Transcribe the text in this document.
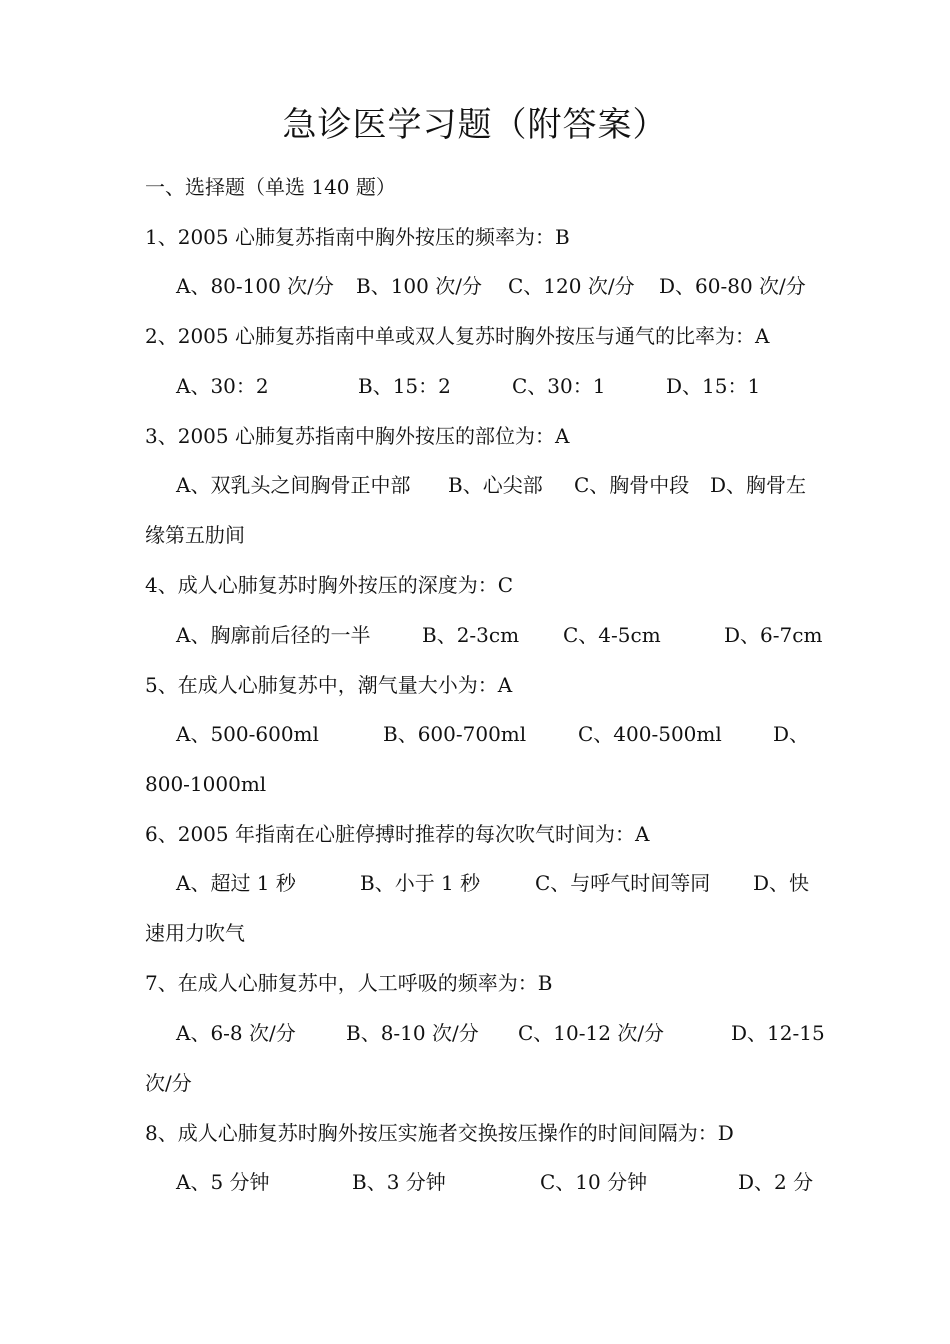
急诊医学习题（附答案）
一、选择题（单选 140 题）
1、2005 心肺复苏指南中胸外按压的频率为：B
A、80-100 次/分 B、100 次/分 C、120 次/分 D、60-80 次/分
2、2005 心肺复苏指南中单或双人复苏时胸外按压与通气的比率为：A
A、30：2	B、15：2	C、30：1	D、15：1
3、2005 心肺复苏指南中胸外按压的部位为：A
A、双乳头之间胸骨正中部 B、心尖部 C、胸骨中段 D、胸骨左
缘第五肋间
4、成人心肺复苏时胸外按压的深度为：C
A、胸廓前后径的一半	B、2-3cm C、4-5cm	D、6-7cm
5、在成人心肺复苏中，潮气量大小为：A
A、500-600ml	B、600-700ml	C、400-500ml	D、
800-1000ml
6、2005 年指南在心脏停搏时推荐的每次吹气时间为：A
A、超过 1 秒	B、小于 1 秒	C、与呼气时间等同 D、快
速用力吹气
7、在成人心肺复苏中，人工呼吸的频率为：B
A、6-8 次/分	B、8-10 次/分 C、10-12 次/分	D、12-15
次/分
8、成人心肺复苏时胸外按压实施者交换按压操作的时间间隔为：D
A、5 分钟	B、3 分钟	C、10 分钟	D、2 分
